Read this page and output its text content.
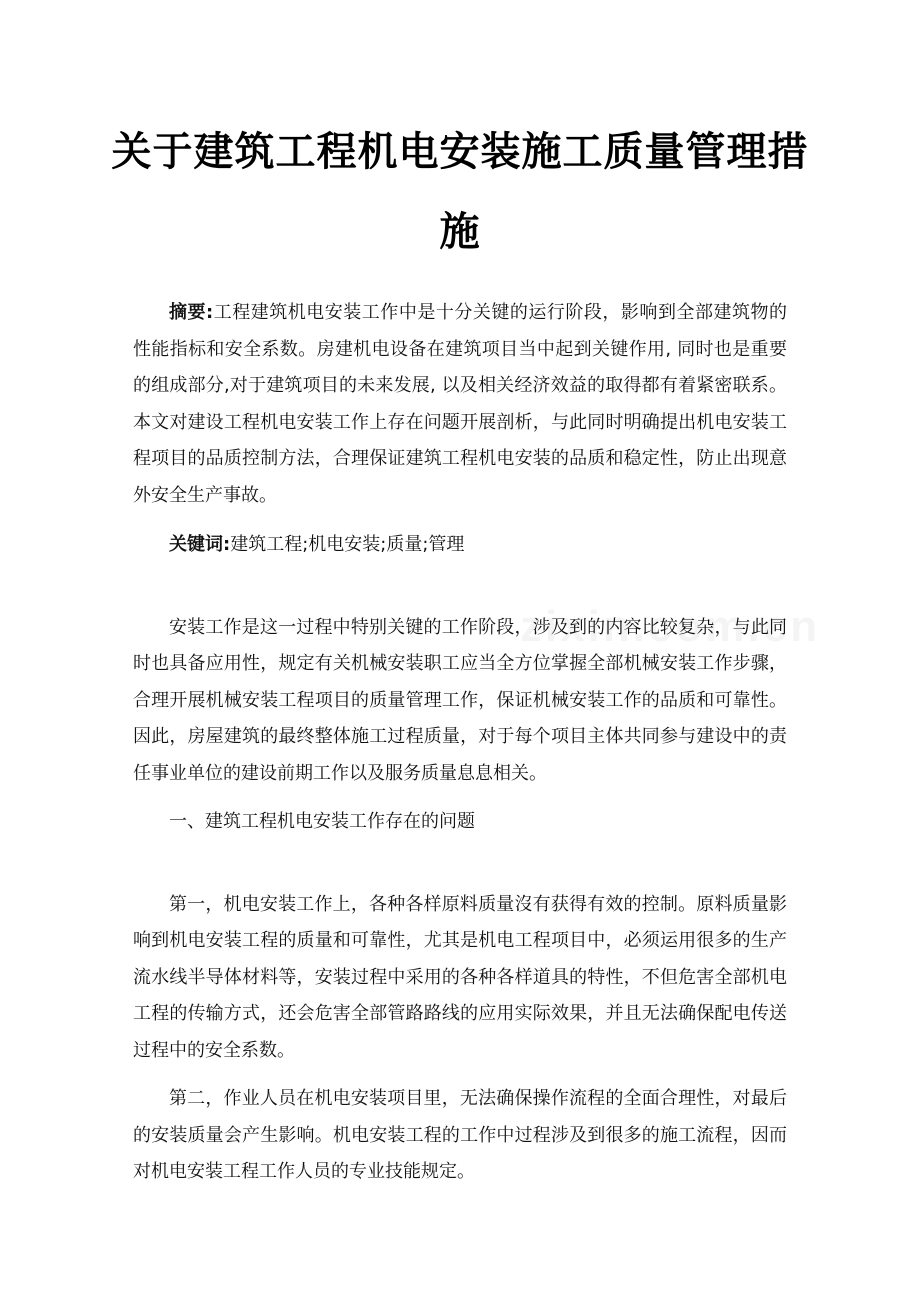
关于建筑工程机电安装施工质量管理措施

摘要:工程建筑机电安装工作中是十分关键的运行阶段，影响到全部建筑物的性能指标和安全系数。房建机电设备在建筑项目当中起到关键作用, 同时也是重要的组成部分,对于建筑项目的未来发展, 以及相关经济效益的取得都有着紧密联系。本文对建设工程机电安装工作上存在问题开展剖析，与此同时明确提出机电安装工程项目的品质控制方法，合理保证建筑工程机电安装的品质和稳定性，防止出现意外安全生产事故。

关键词:建筑工程;机电安装;质量;管理

安装工作是这一过程中特别关键的工作阶段，涉及到的内容比较复杂，与此同时也具备应用性，规定有关机械安装职工应当全方位掌握全部机械安装工作步骤，合理开展机械安装工程项目的质量管理工作，保证机械安装工作的品质和可靠性。因此，房屋建筑的最终整体施工过程质量，对于每个项目主体共同参与建设中的责任事业单位的建设前期工作以及服务质量息息相关。

一、建筑工程机电安装工作存在的问题

第一，机电安装工作上，各种各样原料质量沒有获得有效的控制。原料质量影响到机电安装工程的质量和可靠性，尤其是机电工程项目中，必须运用很多的生产流水线半导体材料等，安装过程中采用的各种各样道具的特性，不但危害全部机电工程的传输方式，还会危害全部管路路线的应用实际效果，并且无法确保配电传送过程中的安全系数。

第二，作业人员在机电安装项目里，无法确保操作流程的全面合理性，对最后的安装质量会产生影响。机电安装工程的工作中过程涉及到很多的施工流程，因而对机电安装工程工作人员的专业技能规定。
